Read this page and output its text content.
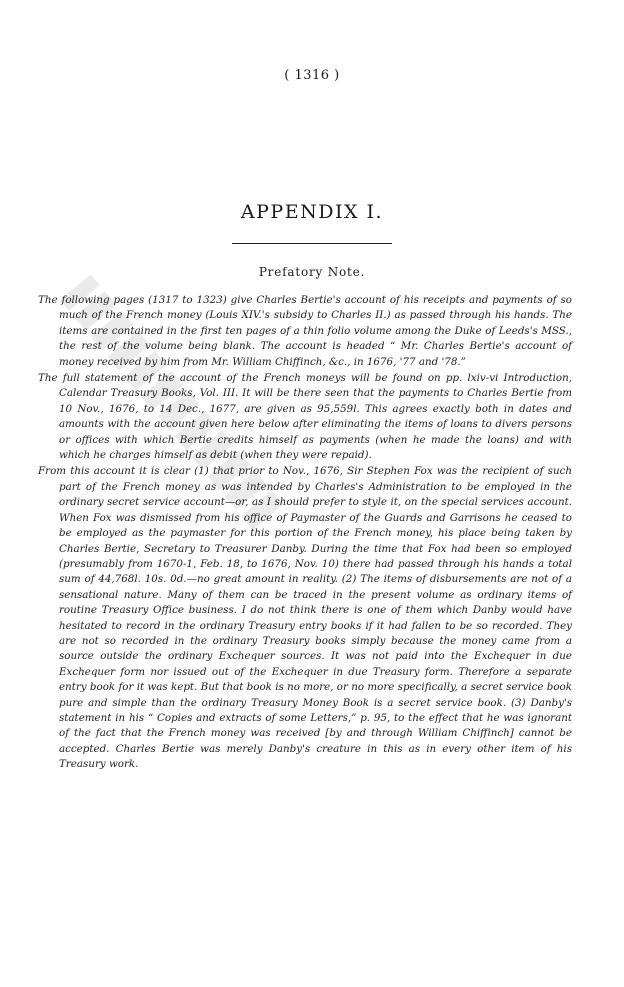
( 1316 )
APPENDIX I.
Prefatory Note.

The following pages (1317 to 1323) give Charles Bertie's account of his receipts and payments of so much of the French money (Louis XIV.'s subsidy to Charles II.) as passed through his hands. The items are contained in the first ten pages of a thin folio volume among the Duke of Leeds's MSS., the rest of the volume being blank. The account is headed “ Mr. Charles Bertie's account of money received by him from Mr. William Chiffinch, &c., in 1676, '77 and '78.”

The full statement of the account of the French moneys will be found on pp. lxiv-vi Introduction, Calendar Treasury Books, Vol. III. It will be there seen that the payments to Charles Bertie from 10 Nov., 1676, to 14 Dec., 1677, are given as 95,559l. This agrees exactly both in dates and amounts with the account given here below after eliminating the items of loans to divers persons or offices with which Bertie credits himself as payments (when he made the loans) and with which he charges himself as debit (when they were repaid).

From this account it is clear (1) that prior to Nov., 1676, Sir Stephen Fox was the recipient of such part of the French money as was intended by Charles's Administration to be employed in the ordinary secret service account—or, as I should prefer to style it, on the special services account. When Fox was dismissed from his office of Paymaster of the Guards and Garrisons he ceased to be employed as the paymaster for this portion of the French money, his place being taken by Charles Bertie, Secretary to Treasurer Danby. During the time that Fox had been so employed (presumably from 1670-1, Feb. 18, to 1676, Nov. 10) there had passed through his hands a total sum of 44,768l. 10s. 0d.—no great amount in reality. (2) The items of disbursements are not of a sensational nature. Many of them can be traced in the present volume as ordinary items of routine Treasury Office business. I do not think there is one of them which Danby would have hesitated to record in the ordinary Treasury entry books if it had fallen to be so recorded. They are not so recorded in the ordinary Treasury books simply because the money came from a source outside the ordinary Exchequer sources. It was not paid into the Exchequer in due Exchequer form nor issued out of the Exchequer in due Treasury form. Therefore a separate entry book for it was kept. But that book is no more, or no more specifically, a secret service book pure and simple than the ordinary Treasury Money Book is a secret service book. (3) Danby's statement in his “ Copies and extracts of some Letters,” p. 95, to the effect that he was ignorant of the fact that the French money was received [by and through William Chiffinch] cannot be accepted. Charles Bertie was merely Danby's creature in this as in every other item of his Treasury work.
